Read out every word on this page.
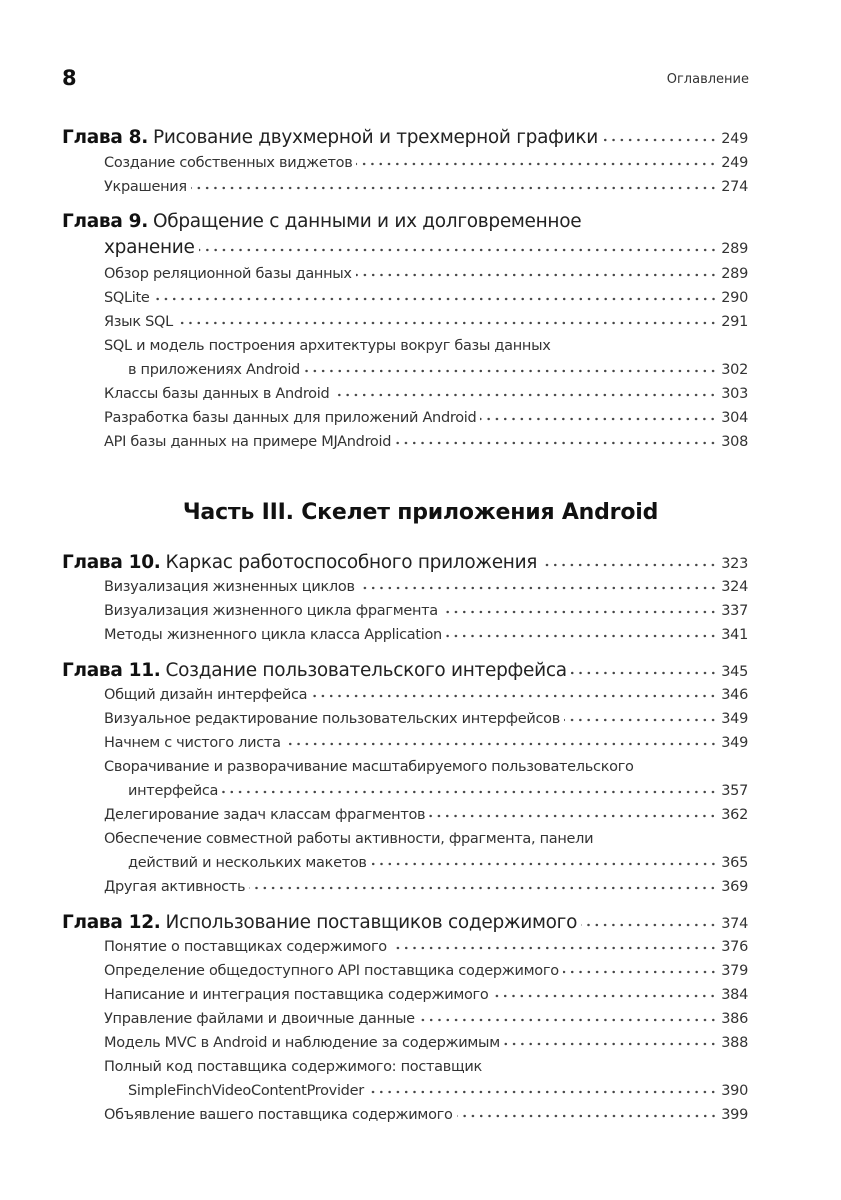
8	Оглавление
Часть III. Скелет приложения Android
Глава 8. Рисование двухмерной и трехмерной графики	249
Создание собственных виджетов	249
Украшения	274
Глава 9. Обращение с данными и их долговременное
хранение	289
Обзор реляционной базы данных	289
SQLite	290
Язык SQL	291
SQL и модель построения архитектуры вокруг базы данных
в приложениях Android	302
Классы базы данных в Android	303
Разработка базы данных для приложений Android	304
API базы данных на примере MJAndroid	308
Глава 10. Каркас работоспособного приложения	323
Визуализация жизненных циклов	324
Визуализация жизненного цикла фрагмента	337
Методы жизненного цикла класса Application	341
Глава 11. Создание пользовательского интерфейса	345
Общий дизайн интерфейса	346
Визуальное редактирование пользовательских интерфейсов	349
Начнем с чистого листа	349
Сворачивание и разворачивание масштабируемого пользовательского
интерфейса	357
Делегирование задач классам фрагментов	362
Обеспечение совместной работы активности, фрагмента, панели
действий и нескольких макетов	365
Другая активность	369
Глава 12. Использование поставщиков содержимого	374
Понятие о поставщиках содержимого	376
Определение общедоступного API поставщика содержимого	379
Написание и интеграция поставщика содержимого	384
Управление файлами и двоичные данные	386
Модель MVC в Android и наблюдение за содержимым	388
Полный код поставщика содержимого: поставщик
SimpleFinchVideoContentProvider	390
Объявление вашего поставщика содержимого	399
